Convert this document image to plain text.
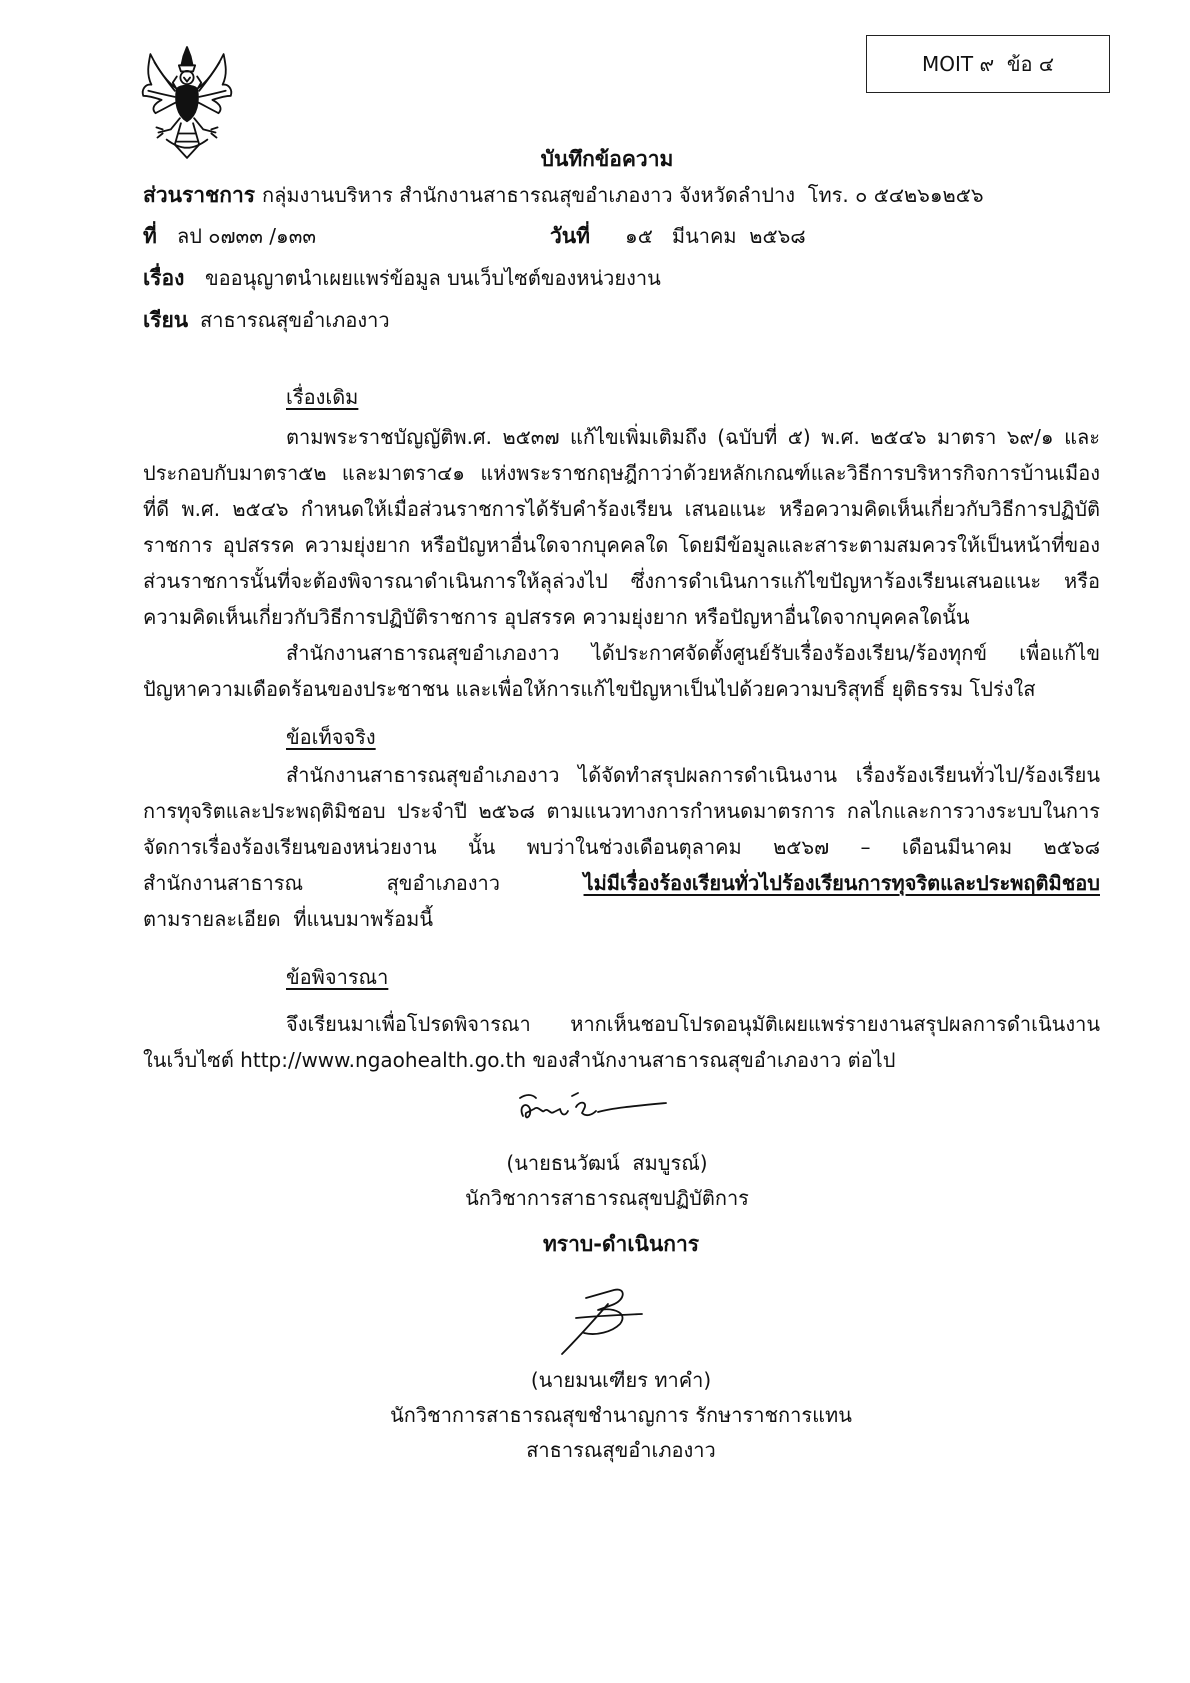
MOIT ๙  ข้อ ๔
บันทึกข้อความ
ส่วนราชการ กลุ่มงานบริหาร สำนักงานสาธารณสุขอำเภองาว จังหวัดลำปาง  โทร. ๐ ๕๔๒๖๑๒๕๖
ที่	ลป ๐๗๓๓ /๑๓๓	วันที่	๑๕   มีนาคม  ๒๕๖๘
เรื่อง	ขออนุญาตนำเผยแพร่ข้อมูล บนเว็บไซต์ของหน่วยงาน
เรียน สาธารณสุขอำเภองาว
เรื่องเดิม
ตามพระราชบัญญัติพ.ศ. ๒๕๓๗ แก้ไขเพิ่มเติมถึง (ฉบับที่ ๕) พ.ศ. ๒๕๔๖ มาตรา ๖๙/๑ และ
ประกอบกับมาตรา๕๒ และมาตรา๔๑ แห่งพระราชกฤษฎีกาว่าด้วยหลักเกณฑ์และวิธีการบริหารกิจการบ้านเมือง
ที่ดี พ.ศ. ๒๕๔๖ กำหนดให้เมื่อส่วนราชการได้รับคำร้องเรียน เสนอแนะ หรือความคิดเห็นเกี่ยวกับวิธีการปฏิบัติ
ราชการ อุปสรรค ความยุ่งยาก หรือปัญหาอื่นใดจากบุคคลใด โดยมีข้อมูลและสาระตามสมควรให้เป็นหน้าที่ของ
ส่วนราชการนั้นที่จะต้องพิจารณาดำเนินการให้ลุล่วงไป ซึ่งการดำเนินการแก้ไขปัญหาร้องเรียนเสนอแนะ หรือ
ความคิดเห็นเกี่ยวกับวิธีการปฏิบัติราชการ อุปสรรค ความยุ่งยาก หรือปัญหาอื่นใดจากบุคคลใดนั้น
สำนักงานสาธารณสุขอำเภองาว ได้ประกาศจัดตั้งศูนย์รับเรื่องร้องเรียน/ร้องทุกข์ เพื่อแก้ไข
ปัญหาความเดือดร้อนของประชาชน และเพื่อให้การแก้ไขปัญหาเป็นไปด้วยความบริสุทธิ์ ยุติธรรม โปร่งใส
ข้อเท็จจริง
สำนักงานสาธารณสุขอำเภองาว ได้จัดทำสรุปผลการดำเนินงาน เรื่องร้องเรียนทั่วไป/ร้องเรียน
การทุจริตและประพฤติมิชอบ ประจำปี ๒๕๖๘ ตามแนวทางการกำหนดมาตรการ กลไกและการวางระบบในการ
จัดการเรื่องร้องเรียนของหน่วยงาน นั้น พบว่าในช่วงเดือนตุลาคม ๒๕๖๗ – เดือนมีนาคม ๒๕๖๘
สำนักงานสาธารณ สุขอำเภองาว ไม่มีเรื่องร้องเรียนทั่วไปร้องเรียนการทุจริตและประพฤติมิชอบ
ตามรายละเอียด  ที่แนบมาพร้อมนี้
ข้อพิจารณา
จึงเรียนมาเพื่อโปรดพิจารณา หากเห็นชอบโปรดอนุมัติเผยแพร่รายงานสรุปผลการดำเนินงาน
ในเว็บไซต์ http://www.ngaohealth.go.th ของสำนักงานสาธารณสุขอำเภองาว ต่อไป
(นายธนวัฒน์  สมบูรณ์)
นักวิชาการสาธารณสุขปฏิบัติการ
ทราบ-ดำเนินการ
(นายมนเฑียร ทาคำ)
นักวิชาการสาธารณสุขชำนาญการ รักษาราชการแทน
สาธารณสุขอำเภองาว
